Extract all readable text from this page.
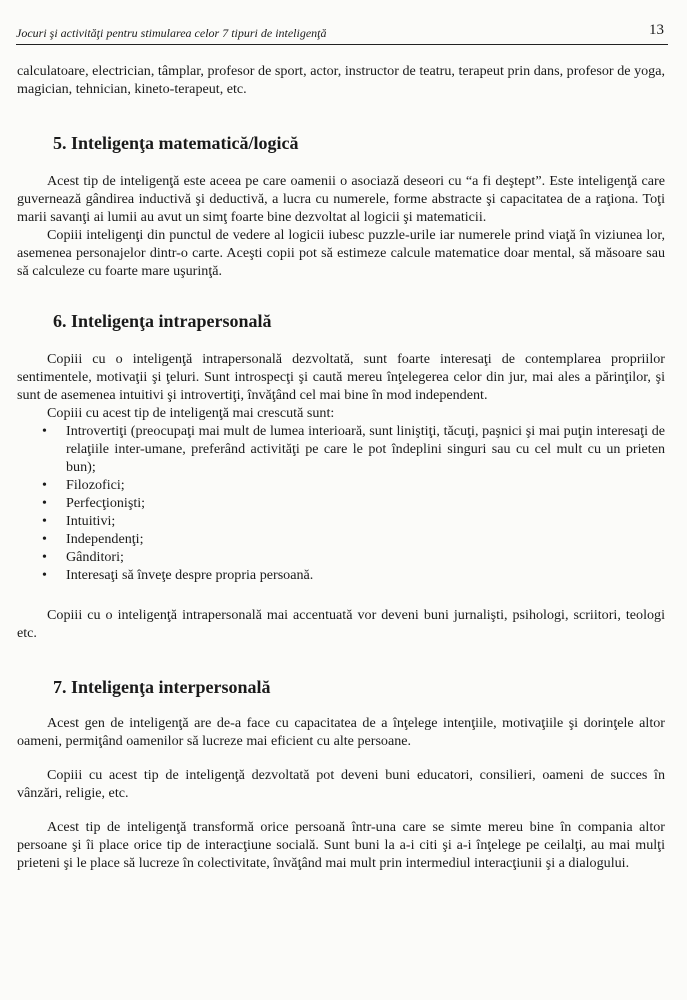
Jocuri şi activităţi pentru stimularea celor 7 tipuri de inteligenţă	13

calculatoare, electrician, tâmplar, profesor de sport, actor, instructor de teatru, terapeut prin dans, profesor de yoga, magician, tehnician, kineto-terapeut, etc.

5. Inteligenţa matematică/logică

Acest tip de inteligenţă este aceea pe care oamenii o asociază deseori cu “a fi deştept”. Este inteligenţă care guvernează gândirea inductivă şi deductivă, a lucra cu numerele, forme abstracte şi capacitatea de a raţiona. Toţi marii savanţi ai lumii au avut un simţ foarte bine dezvoltat al logicii şi matematicii.

Copiii inteligenţi din punctul de vedere al logicii iubesc puzzle-urile iar numerele prind viaţă în viziunea lor, asemenea personajelor dintr-o carte. Aceşti copii pot să estimeze calcule matematice doar mental, să măsoare sau să calculeze cu foarte mare uşurinţă.

6. Inteligenţa intrapersonală

Copiii cu o inteligenţă intrapersonală dezvoltată, sunt foarte interesaţi de contemplarea propriilor sentimentele, motivaţii şi ţeluri. Sunt introspecţi şi caută mereu înţelegerea celor din jur, mai ales a părinţilor, şi sunt de asemenea intuitivi şi introvertiţi, învăţând cel mai bine în mod independent.

Copiii cu acest tip de inteligenţă mai crescută sunt:

• Introvertiţi (preocupaţi mai mult de lumea interioară, sunt liniştiţi, tăcuţi, paşnici şi mai puţin interesaţi de relaţiile inter-umane, preferând activităţi pe care le pot îndeplini singuri sau cu cel mult cu un prieten bun);
• Filozofici;
• Perfecţionişti;
• Intuitivi;
• Independenţi;
• Gânditori;
• Interesaţi să înveţe despre propria persoană.

Copiii cu o inteligenţă intrapersonală mai accentuată vor deveni buni jurnalişti, psihologi, scriitori, teologi etc.

7. Inteligenţa interpersonală

Acest gen de inteligenţă are de-a face cu capacitatea de a înţelege intenţiile, motivaţiile şi dorinţele altor oameni, permiţând oamenilor să lucreze mai eficient cu alte persoane.

Copiii cu acest tip de inteligenţă dezvoltată pot deveni buni educatori, consilieri, oameni de succes în vânzări, religie, etc.

Acest tip de inteligenţă transformă orice persoană într-una care se simte mereu bine în compania altor persoane şi îi place orice tip de interacţiune socială. Sunt buni la a-i citi şi a-i înţelege pe ceilalţi, au mai mulţi prieteni şi le place să lucreze în colectivitate, învăţând mai mult prin intermediul interacţiunii şi a dialogului.
